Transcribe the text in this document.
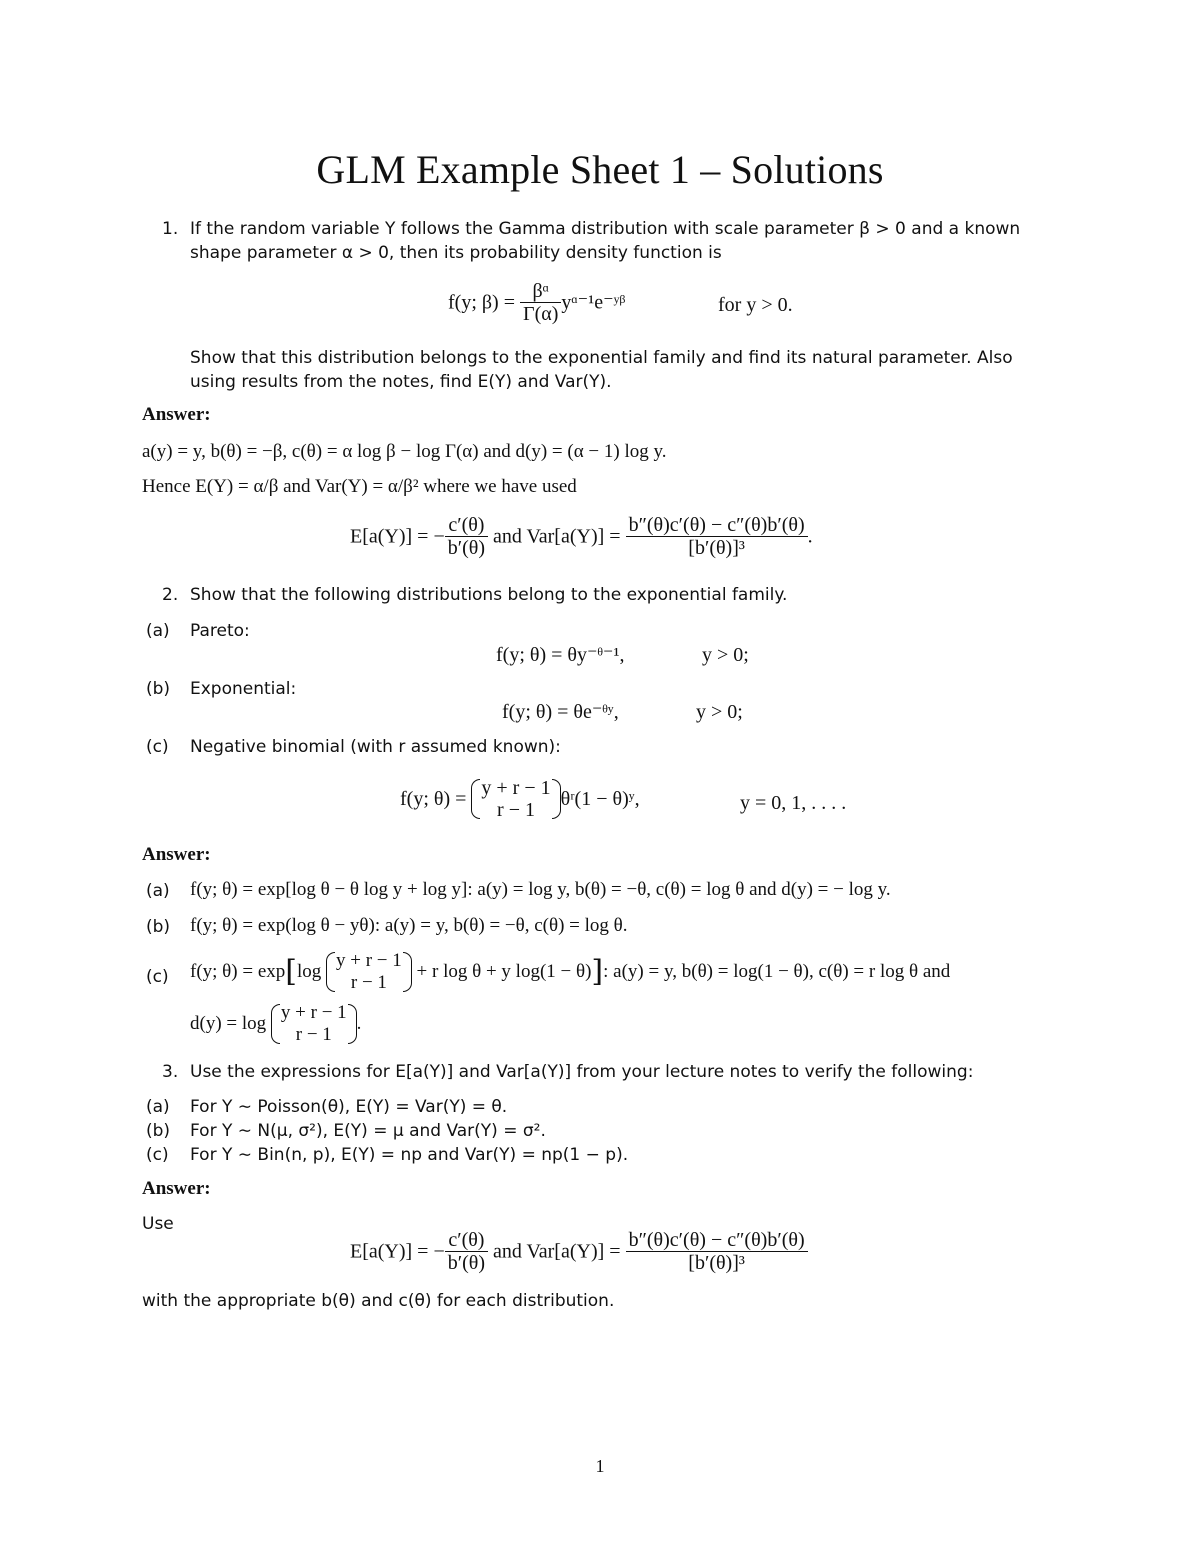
GLM Example Sheet 1 – Solutions
1. If the random variable Y follows the Gamma distribution with scale parameter β > 0 and a known
shape parameter α > 0, then its probability density function is
f(y; $\beta) = \frac{\text{βᵅ}}{\Gamma(\alpha)}$ yᵅ⁻¹e⁻ʸᵝ	for y > 0.
Show that this distribution belongs to the exponential family and find its natural parameter. Also
using results from the notes, find E(Y) and Var(Y).
Answer:
a(y) = y, b(θ) = −β, c(θ) = α log β − log Γ(α) and d(y) = (α − 1) log y.
Hence E(Y) = α/β and Var(Y) = α/β² where we have used
E[a(Y)] = − $\frac{c'(\theta)}{b'(\theta)}$ and $Var[a(Y)] = \frac{b''(\theta)c'(\theta) - c''(\theta)b'(\theta)}{\text{[b′(θ)]³}}$ .
2. Show that the following distributions belong to the exponential family.
(a) Pareto:
f(y; θ) = θy⁻ᶿ⁻¹,	y > 0;
(b) Exponential:
f(y; θ) = θe⁻ᶿʸ,	y > 0;
(c) Negative binomial (with r assumed known):
f(y; θ) = y + r − 1
r − 1	θʳ(1 − θ)ʸ,	y = 0, 1, . . . .
Answer:
(a) f(y; θ) = exp[log θ − θ log y + log y]: a(y) = log y, b(θ) = −θ, c(θ) = log θ and d(y) = − log y.
(b) f(y; θ) = exp(log θ − yθ): a(y) = y, b(θ) = −θ, c(θ) = log θ.
(c) f(y; θ) = exp[log
y + r − 1
r − 1
+ r log θ + y log(1 − θ)]: a(y) = y, b(θ) = log(1 − θ), c(θ) = r log θ and
d(y) = log
y + r − 1
r − 1
.
3. Use the expressions for E[a(Y)] and Var[a(Y)] from your lecture notes to verify the following:
(a) For Y ∼ Poisson(θ), E(Y) = Var(Y) = θ.
(b) For Y ∼ N(μ, σ²), E(Y) = μ and Var(Y) = σ².
(c) For Y ∼ Bin(n, p), E(Y) = np and Var(Y) = np(1 − p).
Answer:
Use
E[a(Y)] = − $\frac{c'(\theta)}{b'(\theta)}$ and $Var[a(Y)] = \frac{b''(\theta)c'(\theta) - c''(\theta)b'(\theta)}{\text{[b′(θ)]³}}$
with the appropriate b(θ) and c(θ) for each distribution.
1
